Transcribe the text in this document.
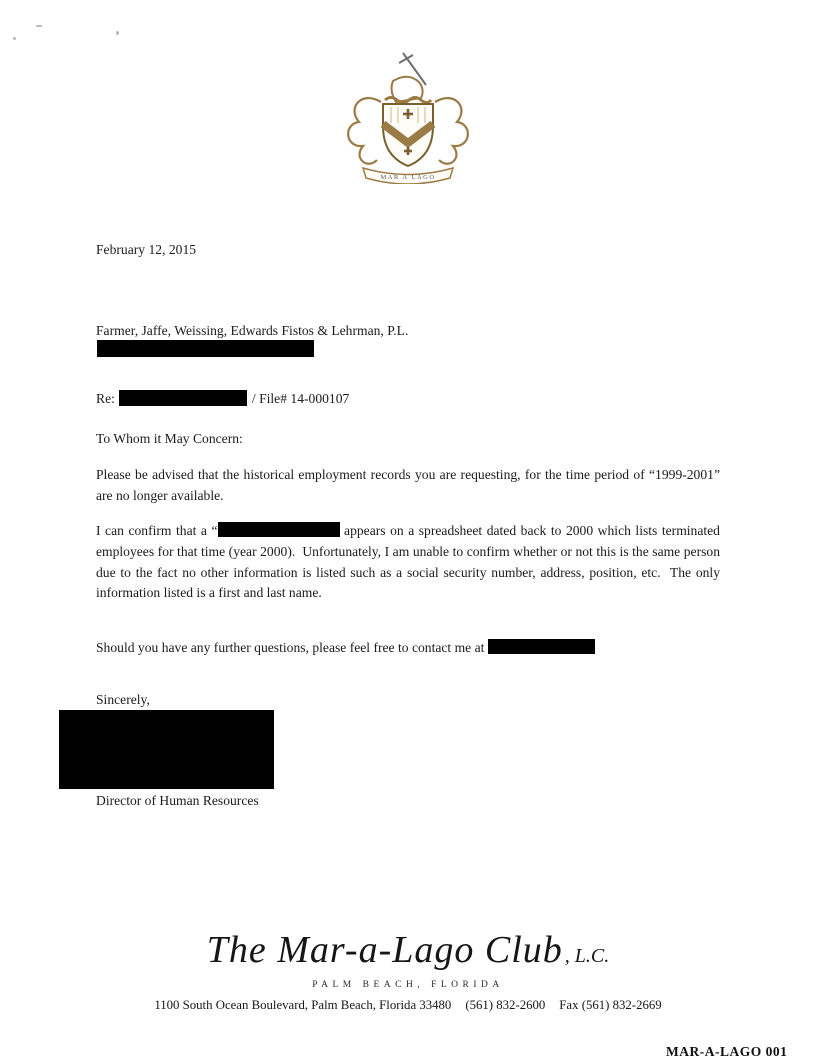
MAR A LAGO
February 12, 2015
Farmer, Jaffe, Weissing, Edwards Fistos & Lehrman, P.L.
Re:	/ File# 14-000107
To Whom it May Concern:
Please be advised that the historical employment records you are requesting, for the time period of “1999-2001” are no longer available.
I can confirm that a “	appears on a spreadsheet dated back to 2000 which lists terminated employees for that time (year 2000).  Unfortunately, I am unable to confirm whether or not this is the same person due to the fact no other information is listed such as a social security number, address, position, etc.  The only information listed is a first and last name.
Should you have any further questions, please feel free to contact me at
Sincerely,
Director of Human Resources
The Mar-a-Lago Club , L.C.
PALM BEACH, FLORIDA
1100 South Ocean Boulevard, Palm Beach, Florida 33480 (561) 832-2600 Fax (561) 832-2669
MAR-A-LAGO 001
